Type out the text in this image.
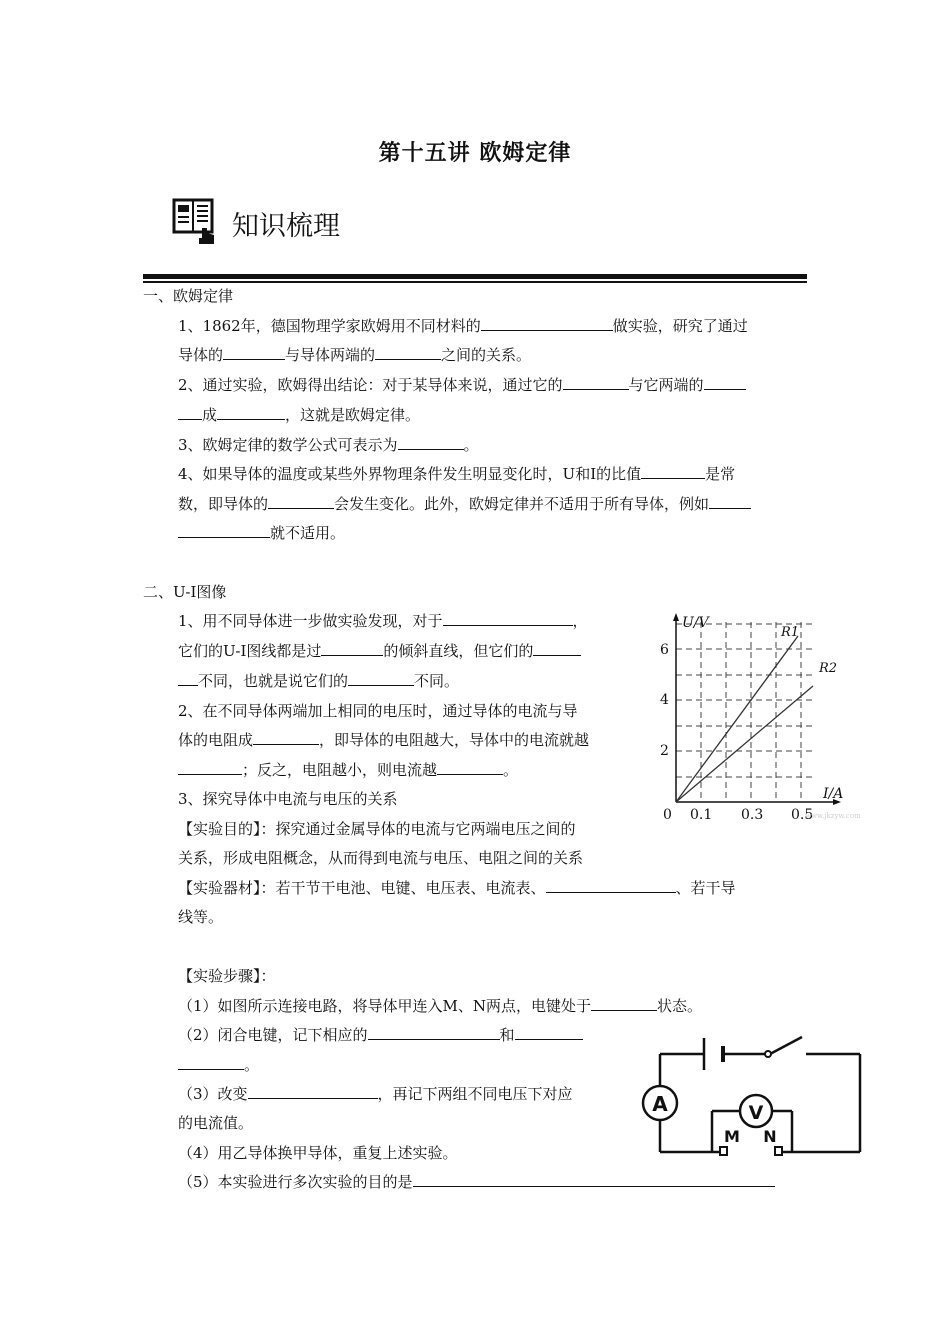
第十五讲 欧姆定律
知识梳理
一、欧姆定律
1、1862年，德国物理学家欧姆用不同材料的	做实验，研究了通过
导体的	与导体两端的	之间的关系。
2、通过实验，欧姆得出结论：对于某导体来说，通过它的	与它两端的
成	，这就是欧姆定律。
3、欧姆定律的数学公式可表示为	。
4、如果导体的温度或某些外界物理条件发生明显变化时，U和I的比值	是常
数，即导体的	会发生变化。此外，欧姆定律并不适用于所有导体，例如
就不适用。
二、U-I图像
1、用不同导体进一步做实验发现，对于	，
它们的U-I图线都是过	的倾斜直线，但它们的
不同，也就是说它们的	不同。
2、在不同导体两端加上相同的电压时，通过导体的电流与导
体的电阻成	，即导体的电阻越大，导体中的电流就越
；反之，电阻越小，则电流越	。
3、探究导体中电流与电压的关系
【实验目的】：探究通过金属导体的电流与它两端电压之间的
关系，形成电阻概念，从而得到电流与电压、电阻之间的关系
【实验器材】：若干节干电池、电键、电压表、电流表、	、若干导
线等。
【实验步骤】：
（1）如图所示连接电路，将导体甲连入M、N两点，电键处于	状态。
（2）闭合电键，记下相应的	和
。
（3）改变	，再记下两组不同电压下对应
的电流值。
（4）用乙导体换甲导体，重复上述实验。
（5）本实验进行多次实验的目的是
U/V
I/A
0
2
4
6
0.1 0.3 0.5
R1
R2
www.jkzyw.com
A	V
M N
